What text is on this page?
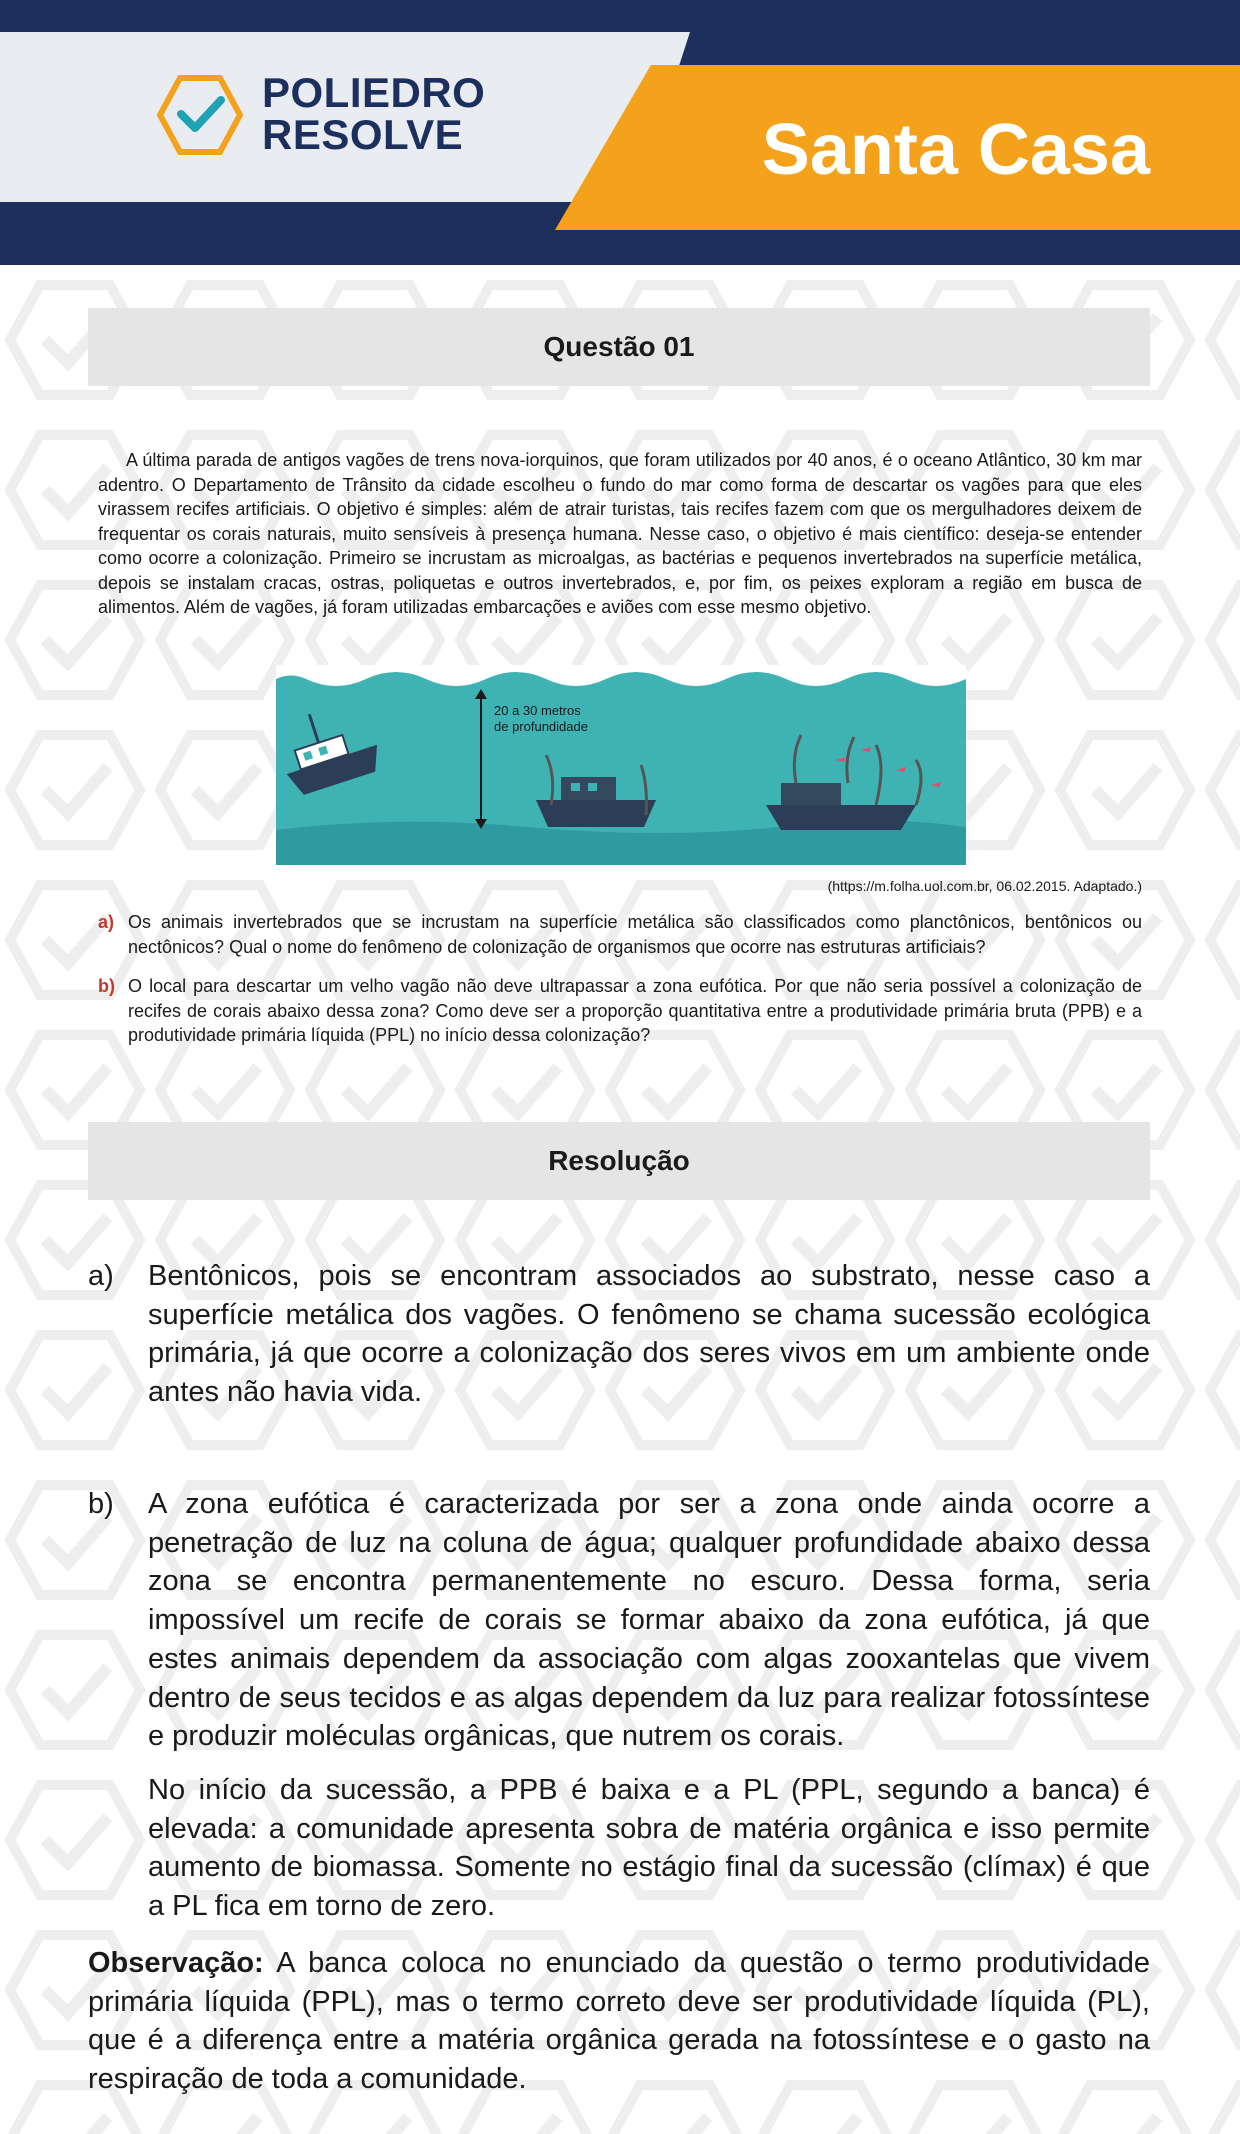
POLIEDRO
RESOLVE	Santa Casa
Questão 01
A última parada de antigos vagões de trens nova-iorquinos, que foram utilizados por 40 anos, é o oceano Atlântico, 30 km mar adentro. O Departamento de Trânsito da cidade escolheu o fundo do mar como forma de descartar os vagões para que eles virassem recifes artificiais. O objetivo é simples: além de atrair turistas, tais recifes fazem com que os mergulhadores deixem de frequentar os corais naturais, muito sensíveis à presença humana. Nesse caso, o objetivo é mais científico: deseja-se entender como ocorre a colonização. Primeiro se incrustam as microalgas, as bactérias e pequenos invertebrados na superfície metálica, depois se instalam cracas, ostras, poliquetas e outros invertebrados, e, por fim, os peixes exploram a região em busca de alimentos. Além de vagões, já foram utilizadas embarcações e aviões com esse mesmo objetivo.
20 a 30 metros
de profundidade
(https://m.folha.uol.com.br, 06.02.2015. Adaptado.)
a) Os animais invertebrados que se incrustam na superfície metálica são classificados como planctônicos, bentônicos ou nectônicos? Qual o nome do fenômeno de colonização de organismos que ocorre nas estruturas artificiais?
b) O local para descartar um velho vagão não deve ultrapassar a zona eufótica. Por que não seria possível a colonização de recifes de corais abaixo dessa zona? Como deve ser a proporção quantitativa entre a produtividade primária bruta (PPB) e a produtividade primária líquida (PPL) no início dessa colonização?
Resolução
a)	Bentônicos, pois se encontram associados ao substrato, nesse caso a superfície metálica dos vagões. O fenômeno se chama sucessão ecológica primária, já que ocorre a colonização dos seres vivos em um ambiente onde antes não havia vida.
b)	A zona eufótica é caracterizada por ser a zona onde ainda ocorre a penetração de luz na coluna de água; qualquer profundidade abaixo dessa zona se encontra permanentemente no escuro. Dessa forma, seria impossível um recife de corais se formar abaixo da zona eufótica, já que estes animais dependem da associação com algas zooxantelas que vivem dentro de seus tecidos e as algas dependem da luz para realizar fotossíntese e produzir moléculas orgânicas, que nutrem os corais.
No início da sucessão, a PPB é baixa e a PL (PPL, segundo a banca) é elevada: a comunidade apresenta sobra de matéria orgânica e isso permite aumento de biomassa. Somente no estágio final da sucessão (clímax) é que a PL fica em torno de zero.
Observação: A banca coloca no enunciado da questão o termo produtividade primária líquida (PPL), mas o termo correto deve ser produtividade líquida (PL), que é a diferença entre a matéria orgânica gerada na fotossíntese e o gasto na respiração de toda a comunidade.
